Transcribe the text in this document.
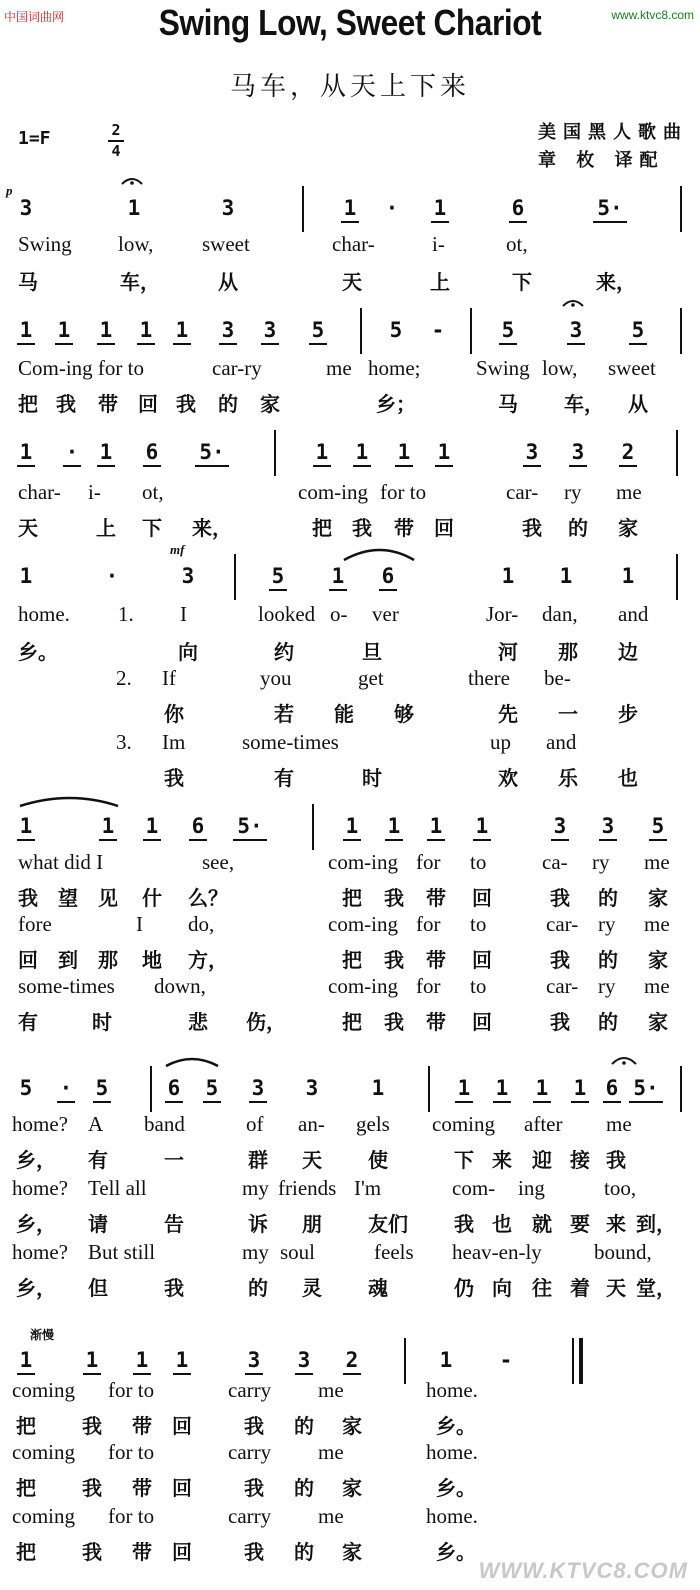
中国词曲网	www.ktvc8.com
WWW.KTVC8.COM
Swing Low, Sweet Chariot
马车，从天上下来
1=F	2
4
美国黑人歌曲
章 枚 译配
p
mf
渐慢
3	1	3	1 · 1	6	5·
Swing low, sweet	char-	i-	ot,
马	车，	从	天	上	下	来，
1 1 1 1 1 3 3 5	5 -	5	3 5
Com-ing for to	car-ry	me home;	Swing low, sweet
把 我 带 回 我 的 家	乡；	马 车， 从
1 · 1 6 5·	1 1 1 1	3 3 2
char- i- ot,	com-ing for to	car- ry me
天	上 下 来，	把 我 带 回	我 的 家
1	·	3	5 1 6	1 1 1
home. 1. I	looked o- ver	Jor- dan, and
乡。	向	约	旦	河 那 边
2. If	you	get	there be-
你	若 能 够	先 一 步
3. Im	some-times	up and
我	有	时	欢 乐 也
1	1 1 6 5·	1 1 1 1	3 3 5
what did I	see,	com-ing for to	ca- ry me
我 望 见 什 么？	把 我 带 回	我 的 家
fore	I do,	com-ing for to	car- ry me
回 到 那 地 方，	把 我 带 回	我 的 家
some-times down,	com-ing for to	car- ry me
有	时	悲 伤，	把 我 带 回	我 的 家
5 · 5	6 5 3 3	1	1 1 1 1 6 5·
home? A band	of an- gels coming after me
乡， 有	一	群 天 使	下 来 迎 接 我
home? Tell all	my friends I'm	com- ing	too,
乡， 请	告	诉 朋 友们 我 也 就 要 来 到，
home? But still	my soul	feels heav-en-ly bound,
乡， 但	我	的 灵 魂	仍 向 往 着 天 堂，
1	1 1 1	3 3 2	1 -
coming for to	carry me	home.
把 我 带 回	我 的 家	乡。
coming for to	carry me	home.
把 我 带 回	我 的 家	乡。
coming for to	carry me	home.
把 我 带 回	我 的 家	乡。
